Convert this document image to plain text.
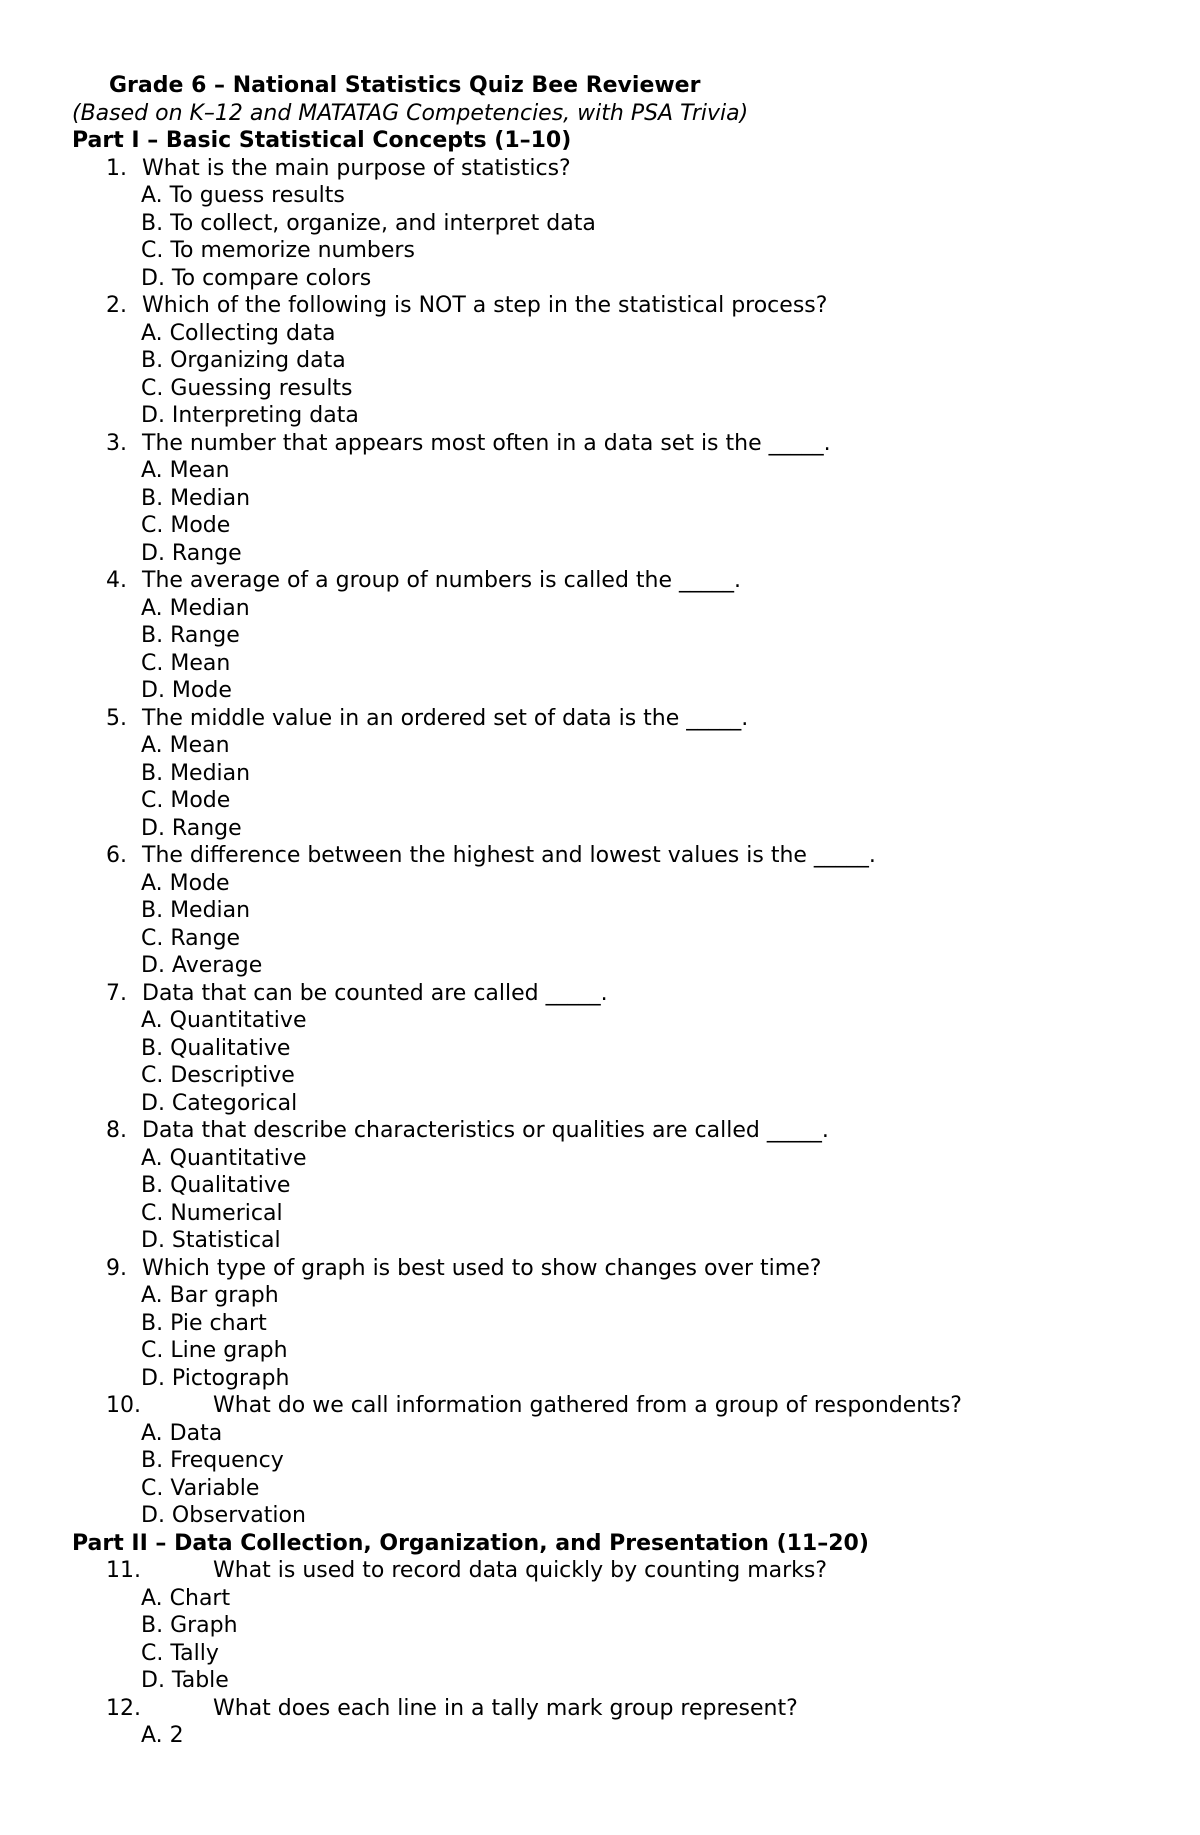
Grade 6 – National Statistics Quiz Bee Reviewer
(Based on K–12 and MATATAG Competencies, with PSA Trivia)
Part I – Basic Statistical Concepts (1–10)
1. What is the main purpose of statistics?
A. To guess results
B. To collect, organize, and interpret data
C. To memorize numbers
D. To compare colors
2. Which of the following is NOT a step in the statistical process?
A. Collecting data
B. Organizing data
C. Guessing results
D. Interpreting data
3. The number that appears most often in a data set is the _____.
A. Mean
B. Median
C. Mode
D. Range
4. The average of a group of numbers is called the _____.
A. Median
B. Range
C. Mean
D. Mode
5. The middle value in an ordered set of data is the _____.
A. Mean
B. Median
C. Mode
D. Range
6. The difference between the highest and lowest values is the _____.
A. Mode
B. Median
C. Range
D. Average
7. Data that can be counted are called _____.
A. Quantitative
B. Qualitative
C. Descriptive
D. Categorical
8. Data that describe characteristics or qualities are called _____.
A. Quantitative
B. Qualitative
C. Numerical
D. Statistical
9. Which type of graph is best used to show changes over time?
A. Bar graph
B. Pie chart
C. Line graph
D. Pictograph
10.	What do we call information gathered from a group of respondents?
A. Data
B. Frequency
C. Variable
D. Observation
Part II – Data Collection, Organization, and Presentation (11–20)
11.	What is used to record data quickly by counting marks?
A. Chart
B. Graph
C. Tally
D. Table
12.	What does each line in a tally mark group represent?
A. 2
